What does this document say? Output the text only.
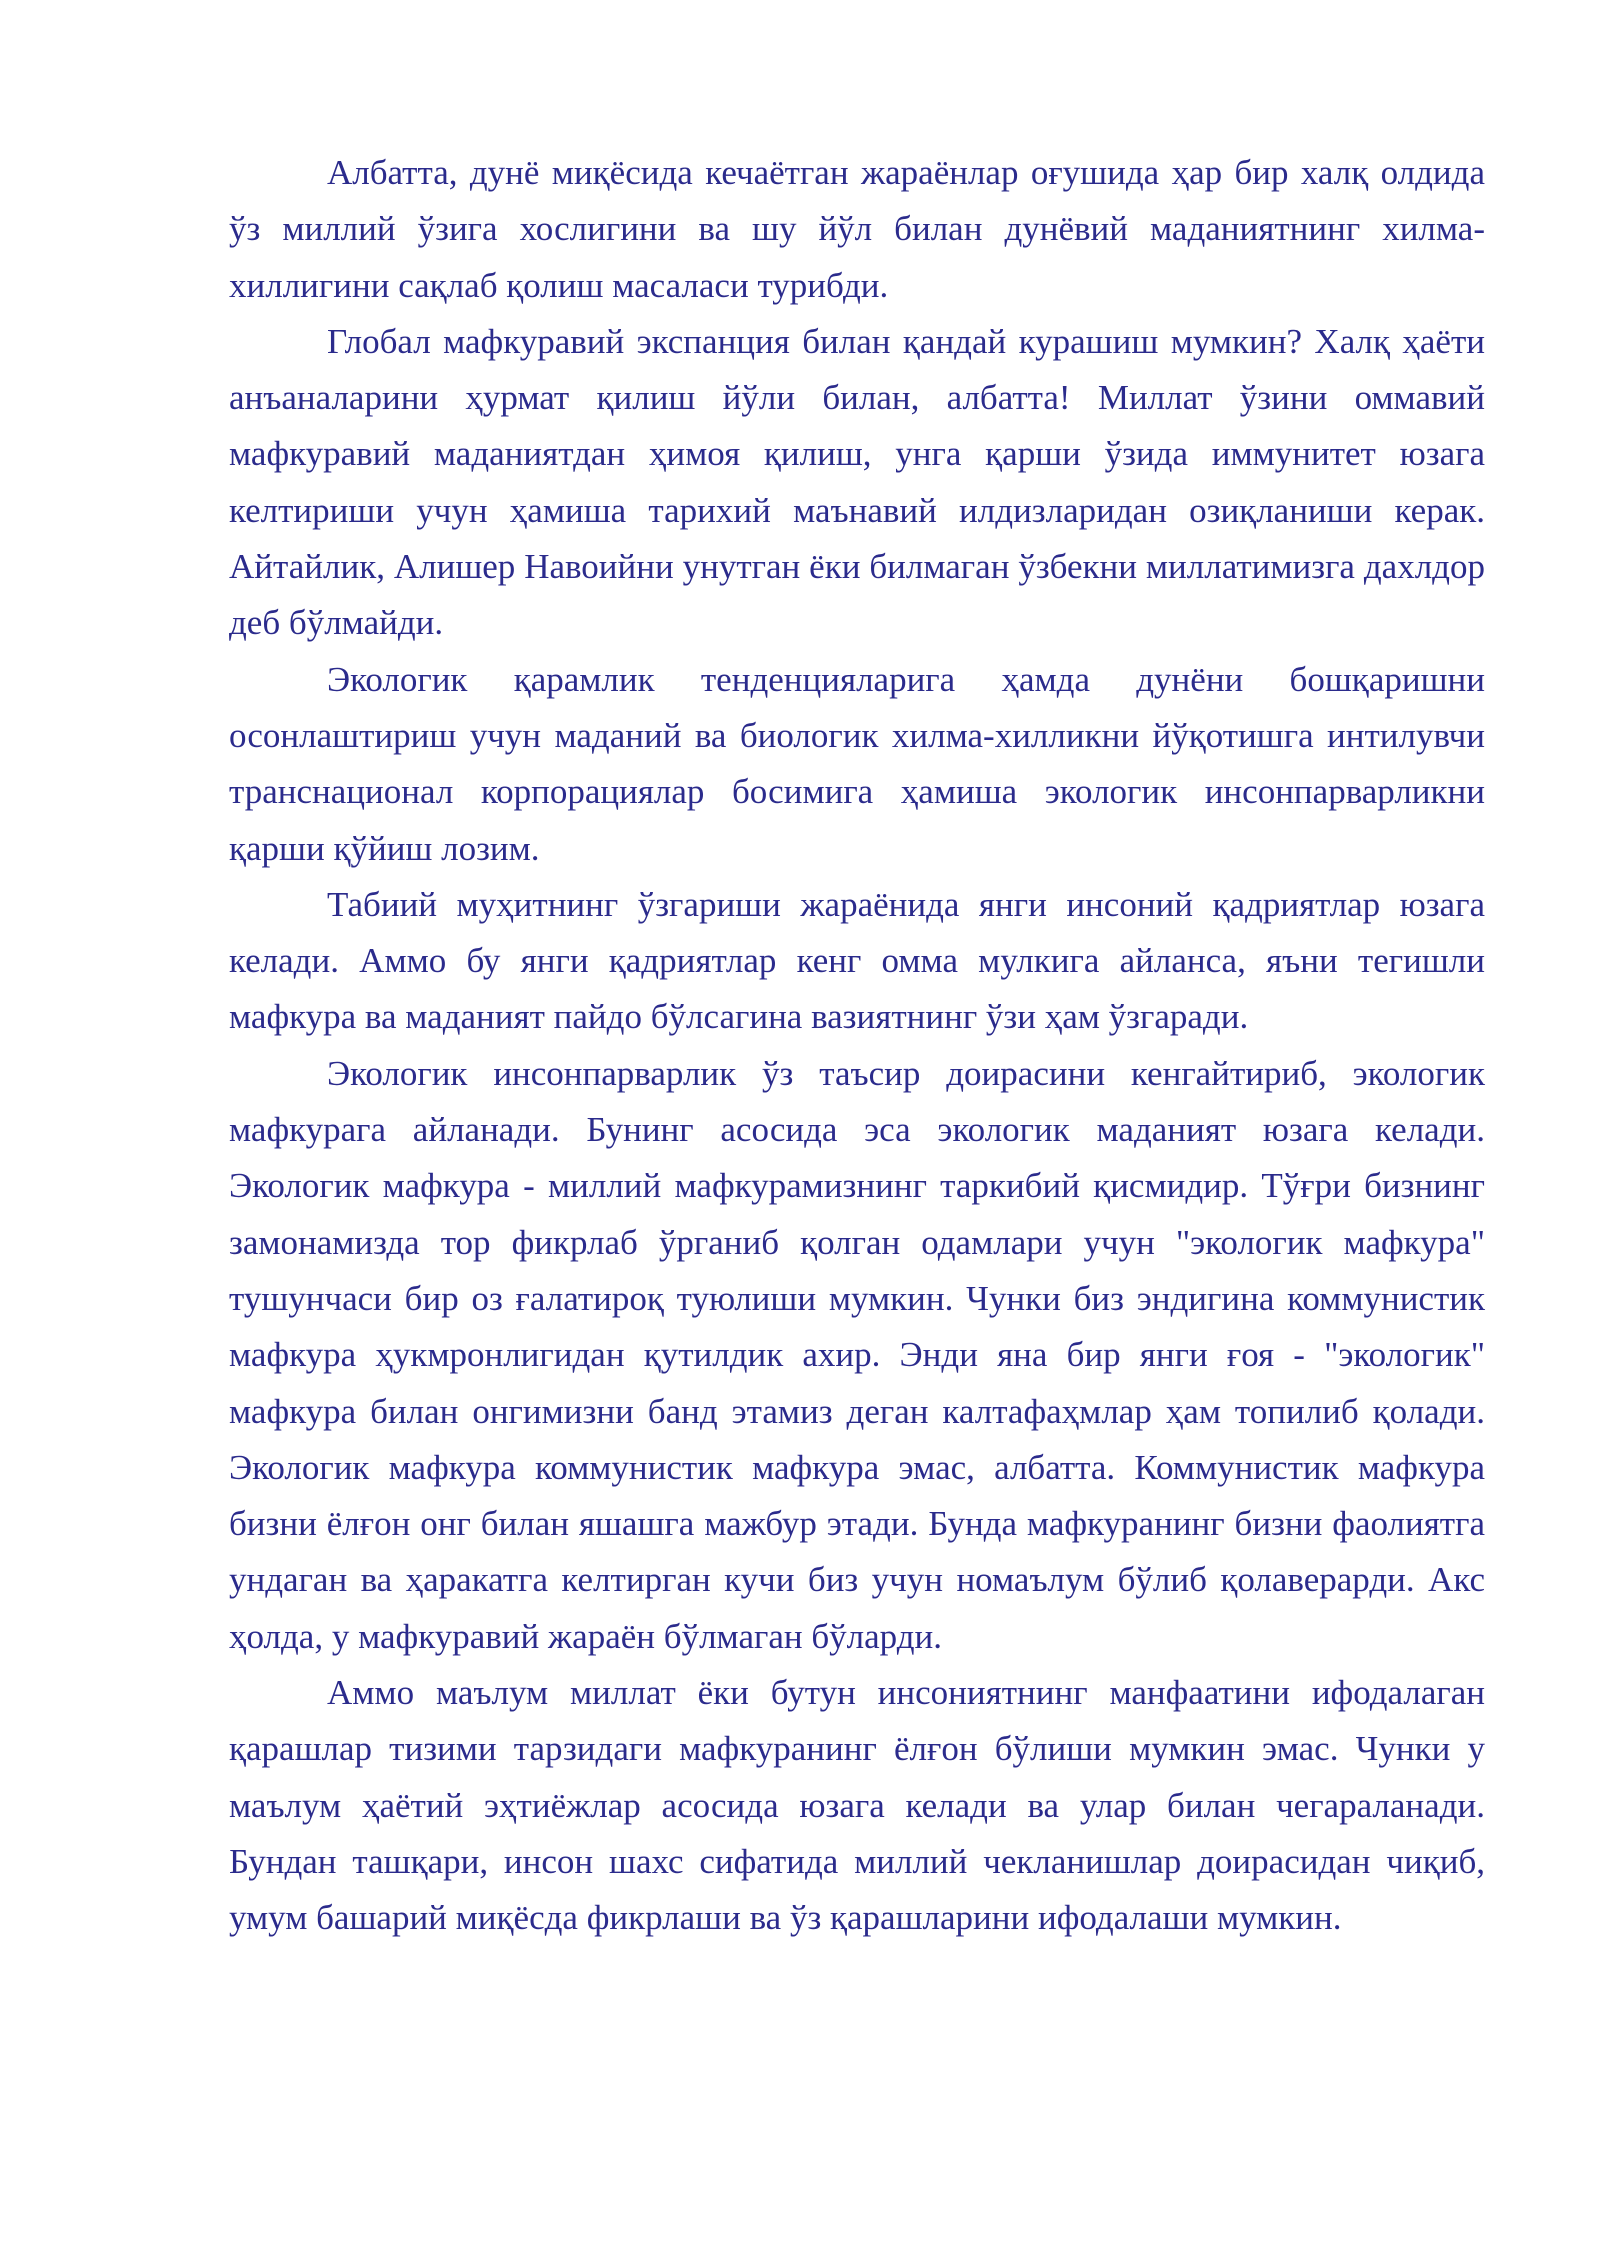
Албатта, дунё миқёсида кечаётган жараёнлар оғушида ҳар бир халқ олдида ўз миллий ўзига хослигини ва шу йўл билан дунёвий маданиятнинг хилма-хиллигини сақлаб қолиш масаласи турибди.

Глобал мафкуравий экспанция билан қандай курашиш мумкин? Халқ ҳаёти анъаналарини ҳурмат қилиш йўли билан, албатта! Миллат ўзини оммавий мафкуравий маданиятдан ҳимоя қилиш, унга қарши ўзида иммунитет юзага келтириши учун ҳамиша тарихий маънавий илдизларидан озиқланиши керак. Айтайлик, Алишер Навоийни унутган ёки билмаган ўзбекни миллатимизга дахлдор деб бўлмайди.

Экологик қарамлик тенденцияларига ҳамда дунёни бошқаришни осонлаштириш учун маданий ва биологик хилма-хилликни йўқотишга интилувчи транснационал корпорациялар босимига ҳамиша экологик инсонпарварликни қарши қўйиш лозим.

Табиий муҳитнинг ўзгариши жараёнида янги инсоний қадриятлар юзага келади. Аммо бу янги қадриятлар кенг омма мулкига айланса, яъни тегишли мафкура ва маданият пайдо бўлсагина вазиятнинг ўзи ҳам ўзгаради.

Экологик инсонпарварлик ўз таъсир доирасини кенгайтириб, экологик мафкурага айланади. Бунинг асосида эса экологик маданият юзага келади. Экологик мафкура - миллий мафкурамизнинг таркибий қисмидир. Тўғри бизнинг замонамизда тор фикрлаб ўрганиб қолган одамлари учун "экологик мафкура" тушунчаси бир оз ғалатироқ туюлиши мумкин. Чунки биз эндигина коммунистик мафкура ҳукмронлигидан қутилдик ахир. Энди яна бир янги ғоя - "экологик" мафкура билан онгимизни банд этамиз деган калтафаҳмлар ҳам топилиб қолади. Экологик мафкура коммунистик мафкура эмас, албатта. Коммунистик мафкура бизни ёлғон онг билан яшашга мажбур этади. Бунда мафкуранинг бизни фаолиятга ундаган ва ҳаракатга келтирган кучи биз учун номаълум бўлиб қолаверарди. Акс ҳолда, у мафкуравий жараён бўлмаган бўларди.

Аммо маълум миллат ёки бутун инсониятнинг манфаатини ифодалаган қарашлар тизими тарзидаги мафкуранинг ёлғон бўлиши мумкин эмас. Чунки у маълум ҳаётий эҳтиёжлар асосида юзага келади ва улар билан чегараланади. Бундан ташқари, инсон шахс сифатида миллий чекланишлар доирасидан чиқиб, умум башарий миқёсда фикрлаши ва ўз қарашларини ифодалаши мумкин.
